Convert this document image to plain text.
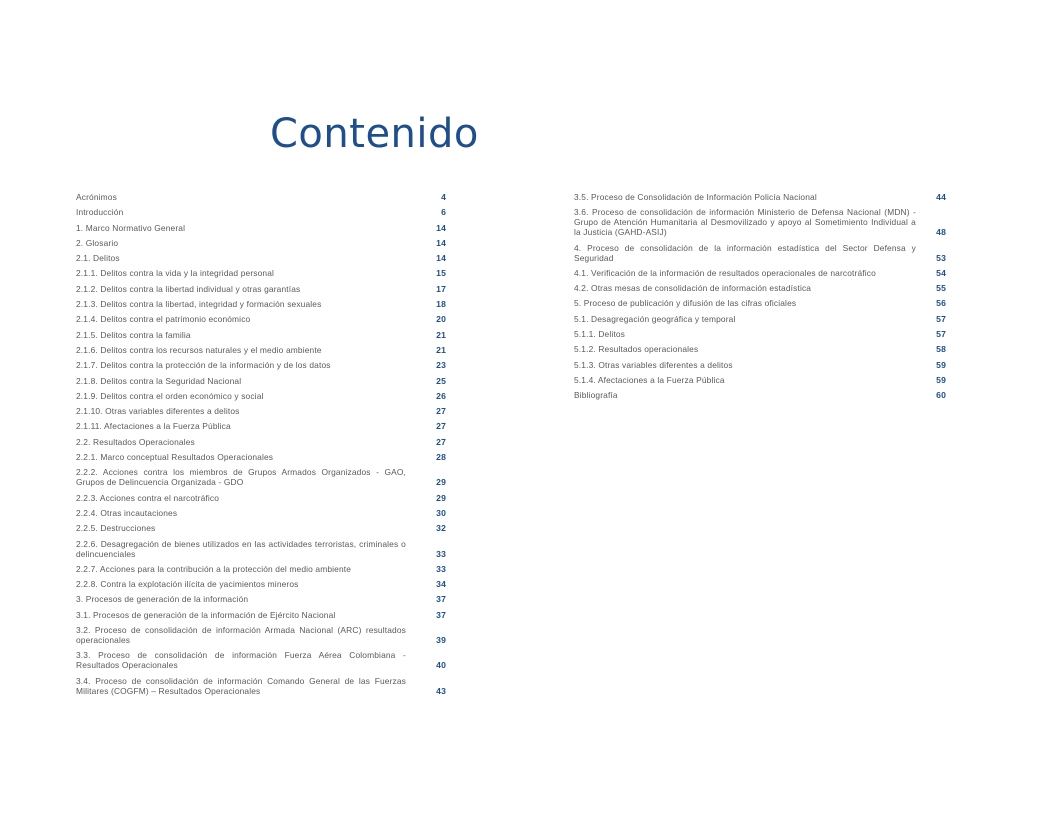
Contenido
Acrónimos	4
Introducción	6
1. Marco Normativo General	14
2. Glosario	14
2.1. Delitos	14
2.1.1. Delitos contra la vida y la integridad personal	15
2.1.2. Delitos contra la libertad individual y otras garantías	17
2.1.3. Delitos contra la libertad, integridad y formación sexuales	18
2.1.4. Delitos contra el patrimonio económico	20
2.1.5. Delitos contra la familia	21
2.1.6. Delitos contra los recursos naturales y el medio ambiente	21
2.1.7. Delitos contra la protección de la información y de los datos	23
2.1.8. Delitos contra la Seguridad Nacional	25
2.1.9. Delitos contra el orden económico y social	26
2.1.10. Otras variables diferentes a delitos	27
2.1.11. Afectaciones a la Fuerza Pública	27
2.2. Resultados Operacionales	27
2.2.1. Marco conceptual Resultados Operacionales	28
2.2.2. Acciones contra los miembros de Grupos Armados Organizados - GAO, Grupos de Delincuencia Organizada - GDO	29
2.2.3. Acciones contra el narcotráfico	29
2.2.4. Otras incautaciones	30
2.2.5. Destrucciones	32
2.2.6. Desagregación de bienes utilizados en las actividades terroristas, criminales o delincuenciales	33
2.2.7. Acciones para la contribución a la protección del medio ambiente	33
2.2.8. Contra la explotación ilícita de yacimientos mineros	34
3. Procesos de generación de la información	37
3.1. Procesos de generación de la información de Ejército Nacional	37
3.2. Proceso de consolidación de información Armada Nacional (ARC) resultados operacionales	39
3.3. Proceso de consolidación de información Fuerza Aérea Colombiana - Resultados Operacionales	40
3.4. Proceso de consolidación de información Comando General de las Fuerzas Militares (COGFM) – Resultados Operacionales	43
3.5. Proceso de Consolidación de Información Policía Nacional	44
3.6. Proceso de consolidación de información Ministerio de Defensa Nacional (MDN) - Grupo de Atención Humanitaria al Desmovilizado y apoyo al Sometimiento Individual a la Justicia (GAHD-ASIJ)	48
4. Proceso de consolidación de la información estadística del Sector Defensa y Seguridad	53
4.1. Verificación de la información de resultados operacionales de narcotráfico	54
4.2. Otras mesas de consolidación de información estadística	55
5. Proceso de publicación y difusión de las cifras oficiales	56
5.1. Desagregación geográfica y temporal	57
5.1.1. Delitos	57
5.1.2. Resultados operacionales	58
5.1.3. Otras variables diferentes a delitos	59
5.1.4. Afectaciones a la Fuerza Pública	59
Bibliografía	60
